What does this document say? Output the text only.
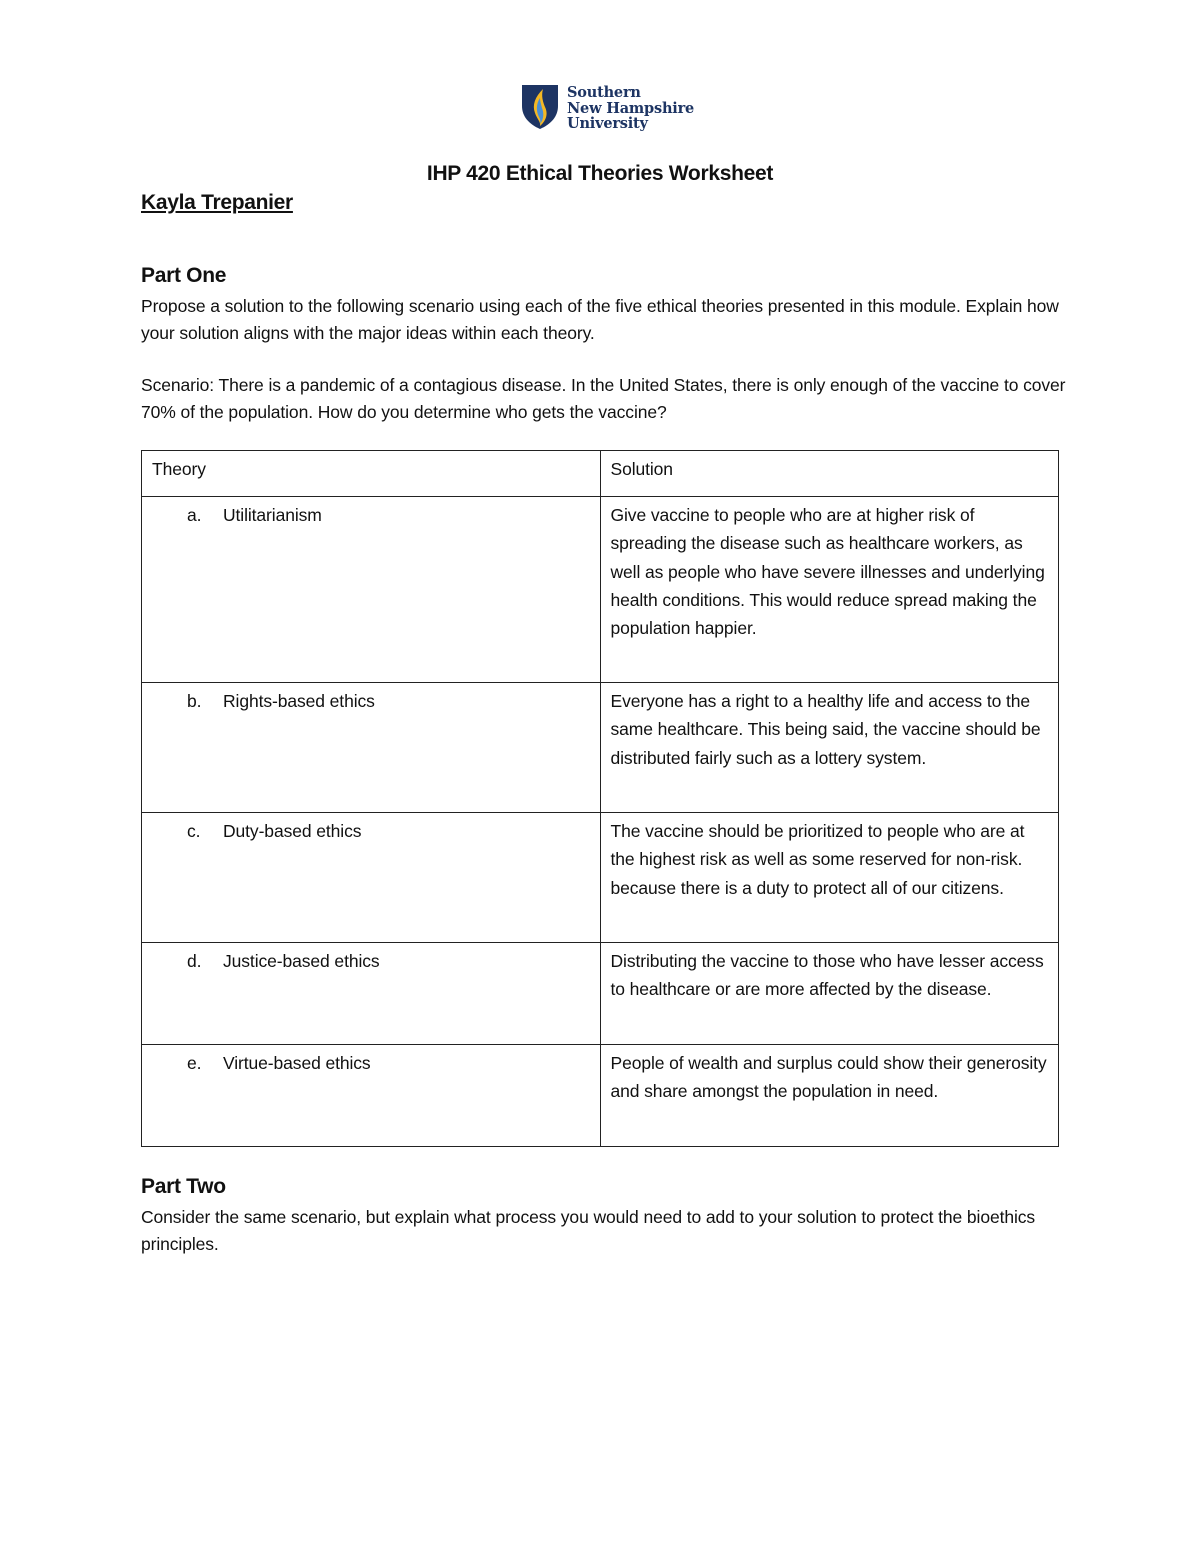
Southern
New Hampshire
University
IHP 420 Ethical Theories Worksheet
Kayla Trepanier
Part One
Propose a solution to the following scenario using each of the five ethical theories presented in this module. Explain how your solution aligns with the major ideas within each theory.
Scenario: There is a pandemic of a contagious disease. In the United States, there is only enough of the vaccine to cover 70% of the population. How do you determine who gets the vaccine?
Theory	Solution
a. Utilitarianism	Give vaccine to people who are at higher risk of spreading the disease such as healthcare workers, as well as people who have severe illnesses and underlying health conditions. This would reduce spread making the population happier.
b. Rights-based ethics	Everyone has a right to a healthy life and access to the same healthcare. This being said, the vaccine should be distributed fairly such as a lottery system.
c. Duty-based ethics	The vaccine should be prioritized to people who are at the highest risk as well as some reserved for non-risk. because there is a duty to protect all of our citizens.
d. Justice-based ethics	Distributing the vaccine to those who have lesser access to healthcare or are more affected by the disease.
e. Virtue-based ethics	People of wealth and surplus could show their generosity and share amongst the population in need.
Part Two
Consider the same scenario, but explain what process you would need to add to your solution to protect the bioethics principles.
